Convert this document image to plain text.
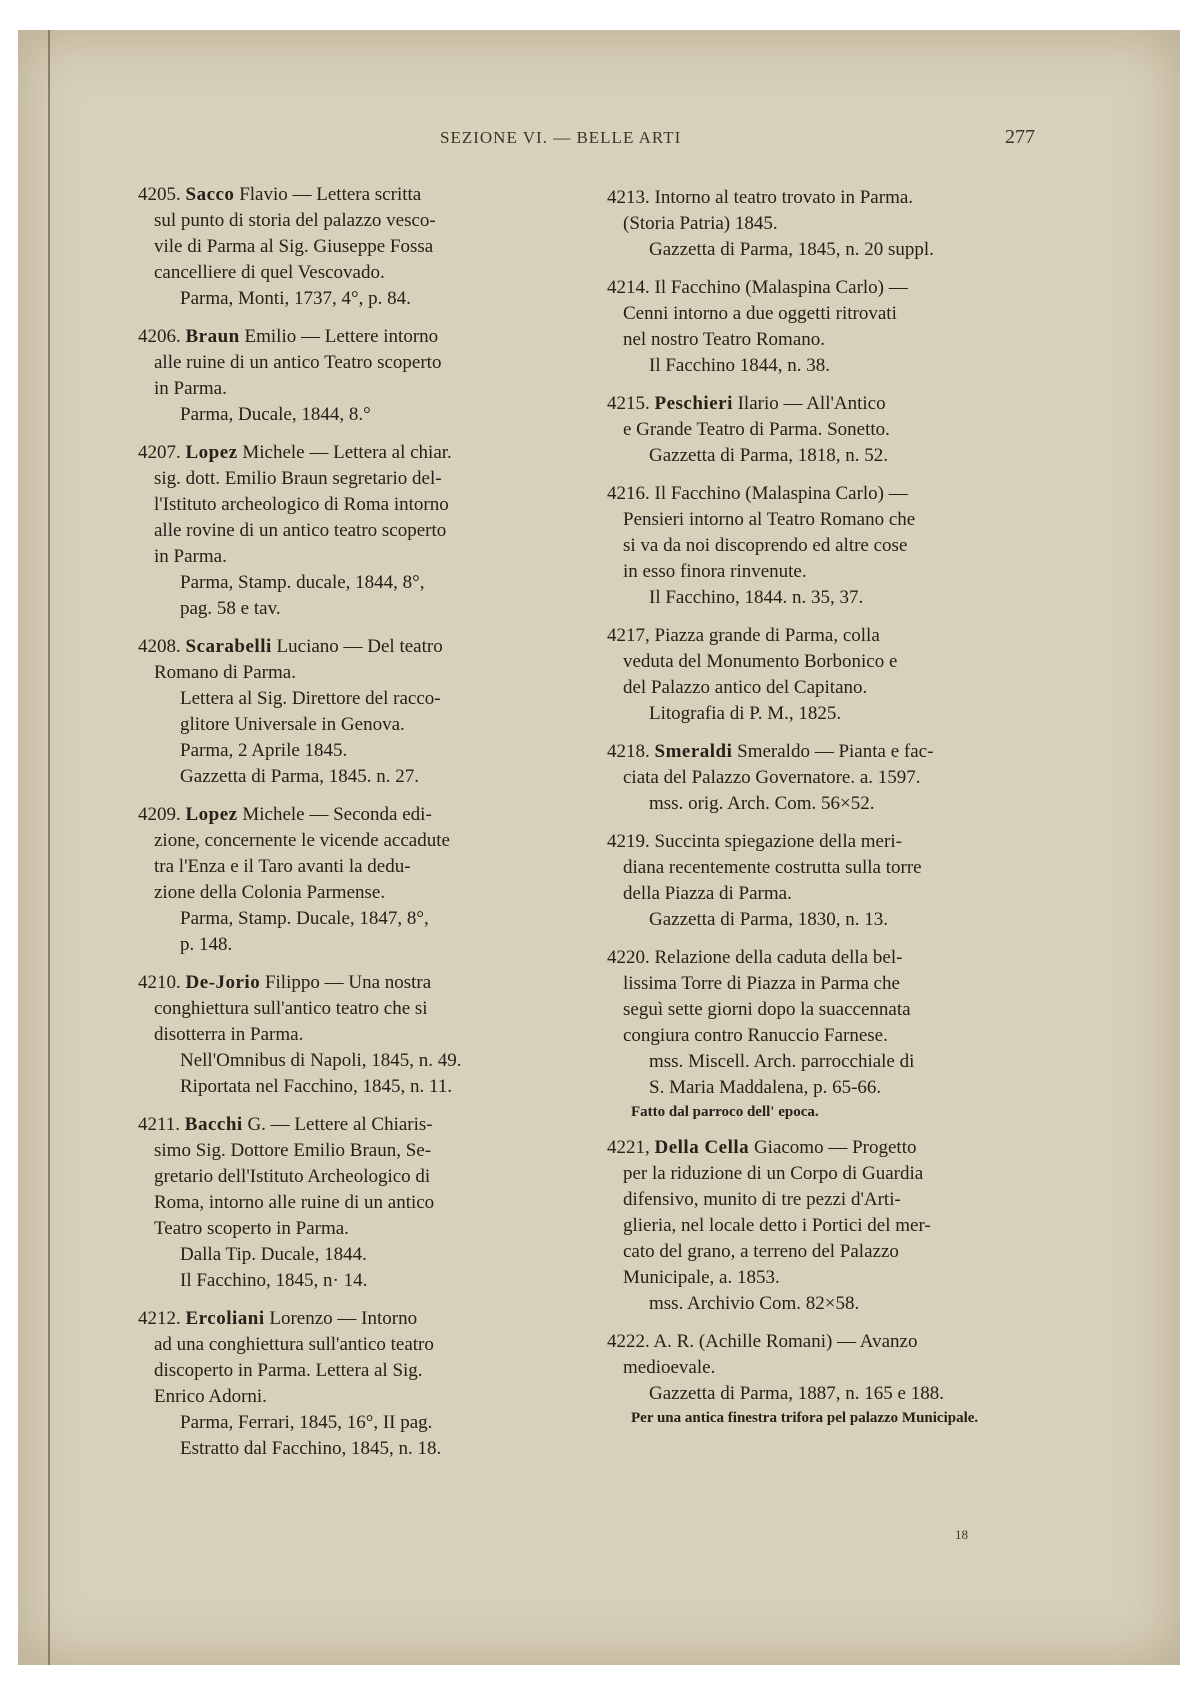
SEZIONE VI. — BELLE ARTI	277
4205. Sacco Flavio — Lettera scritta
sul punto di storia del palazzo vesco-
vile di Parma al Sig. Giuseppe Fossa
cancelliere di quel Vescovado.
Parma, Monti, 1737, 4°, p. 84.
4206. Braun Emilio — Lettere intorno
alle ruine di un antico Teatro scoperto
in Parma.
Parma, Ducale, 1844, 8.°
4207. Lopez Michele — Lettera al chiar.
sig. dott. Emilio Braun segretario del-
l'Istituto archeologico di Roma intorno
alle rovine di un antico teatro scoperto
in Parma.
Parma, Stamp. ducale, 1844, 8°,
pag. 58 e tav.
4208. Scarabelli Luciano — Del teatro
Romano di Parma.
Lettera al Sig. Direttore del racco-
glitore Universale in Genova.
Parma, 2 Aprile 1845.
Gazzetta di Parma, 1845. n. 27.
4209. Lopez Michele — Seconda edi-
zione, concernente le vicende accadute
tra l'Enza e il Taro avanti la dedu-
zione della Colonia Parmense.
Parma, Stamp. Ducale, 1847, 8°,
p. 148.
4210. De-Jorio Filippo — Una nostra
conghiettura sull'antico teatro che si
disotterra in Parma.
Nell'Omnibus di Napoli, 1845, n. 49.
Riportata nel Facchino, 1845, n. 11.
4211. Bacchi G. — Lettere al Chiaris-
simo Sig. Dottore Emilio Braun, Se-
gretario dell'Istituto Archeologico di
Roma, intorno alle ruine di un antico
Teatro scoperto in Parma.
Dalla Tip. Ducale, 1844.
Il Facchino, 1845, n· 14.
4212. Ercoliani Lorenzo — Intorno
ad una conghiettura sull'antico teatro
discoperto in Parma. Lettera al Sig.
Enrico Adorni.
Parma, Ferrari, 1845, 16°, II pag.
Estratto dal Facchino, 1845, n. 18.
4213. Intorno al teatro trovato in Parma.
(Storia Patria) 1845.
Gazzetta di Parma, 1845, n. 20 suppl.
4214. Il Facchino (Malaspina Carlo) —
Cenni intorno a due oggetti ritrovati
nel nostro Teatro Romano.
Il Facchino 1844, n. 38.
4215. Peschieri Ilario — All'Antico
e Grande Teatro di Parma. Sonetto.
Gazzetta di Parma, 1818, n. 52.
4216. Il Facchino (Malaspina Carlo) —
Pensieri intorno al Teatro Romano che
si va da noi discoprendo ed altre cose
in esso finora rinvenute.
Il Facchino, 1844. n. 35, 37.
4217, Piazza grande di Parma, colla
veduta del Monumento Borbonico e
del Palazzo antico del Capitano.
Litografia di P. M., 1825.
4218. Smeraldi Smeraldo — Pianta e fac-
ciata del Palazzo Governatore. a. 1597.
mss. orig. Arch. Com. 56×52.
4219. Succinta spiegazione della meri-
diana recentemente costrutta sulla torre
della Piazza di Parma.
Gazzetta di Parma, 1830, n. 13.
4220. Relazione della caduta della bel-
lissima Torre di Piazza in Parma che
seguì sette giorni dopo la suaccennata
congiura contro Ranuccio Farnese.
mss. Miscell. Arch. parrocchiale di
S. Maria Maddalena, p. 65-66.
Fatto dal parroco dell' epoca.
4221, Della Cella Giacomo — Progetto
per la riduzione di un Corpo di Guardia
difensivo, munito di tre pezzi d'Arti-
glieria, nel locale detto i Portici del mer-
cato del grano, a terreno del Palazzo
Municipale, a. 1853.
mss. Archivio Com. 82×58.
4222. A. R. (Achille Romani) — Avanzo
medioevale.
Gazzetta di Parma, 1887, n. 165 e 188.
Per una antica finestra trifora pel palazzo Municipale.
18
